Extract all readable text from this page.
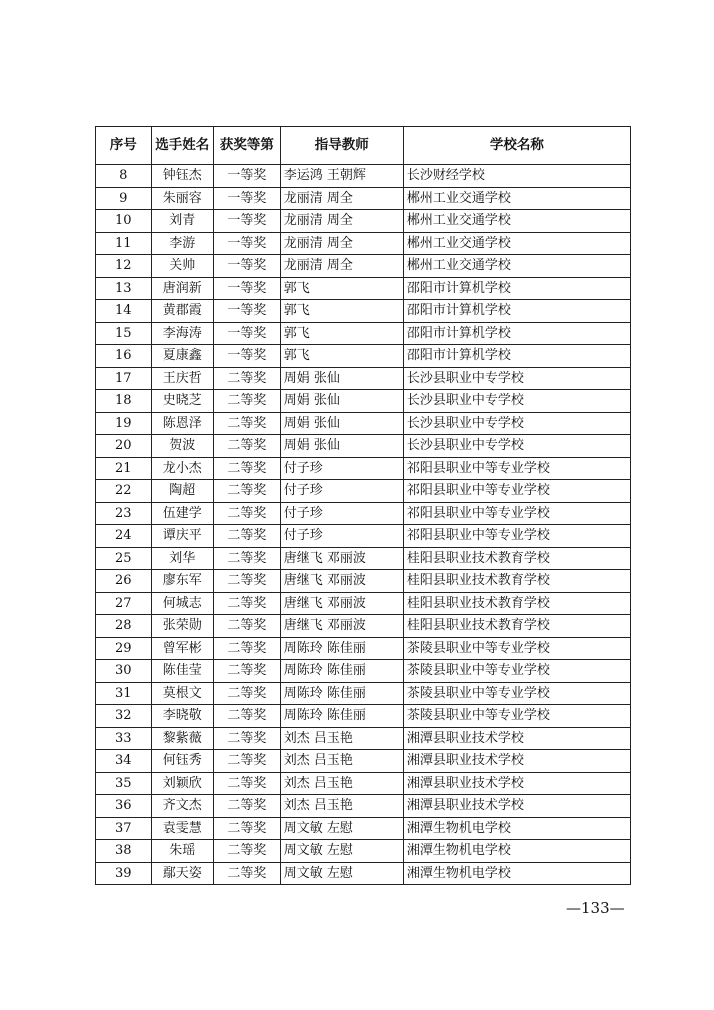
序号	选手姓名	获奖等第	指导教师	学校名称
8	钟钰杰	一等奖	李运鸿 王朝辉	长沙财经学校
9	朱丽容	一等奖	龙丽清 周全	郴州工业交通学校
10	刘青	一等奖	龙丽清 周全	郴州工业交通学校
11	李游	一等奖	龙丽清 周全	郴州工业交通学校
12	关帅	一等奖	龙丽清 周全	郴州工业交通学校
13	唐润新	一等奖	郭飞	邵阳市计算机学校
14	黄郡霞	一等奖	郭飞	邵阳市计算机学校
15	李海涛	一等奖	郭飞	邵阳市计算机学校
16	夏康鑫	一等奖	郭飞	邵阳市计算机学校
17	王庆哲	二等奖	周娟 张仙	长沙县职业中专学校
18	史晓芝	二等奖	周娟 张仙	长沙县职业中专学校
19	陈恩泽	二等奖	周娟 张仙	长沙县职业中专学校
20	贺波	二等奖	周娟 张仙	长沙县职业中专学校
21	龙小杰	二等奖	付子珍	祁阳县职业中等专业学校
22	陶超	二等奖	付子珍	祁阳县职业中等专业学校
23	伍建学	二等奖	付子珍	祁阳县职业中等专业学校
24	谭庆平	二等奖	付子珍	祁阳县职业中等专业学校
25	刘华	二等奖	唐继飞 邓丽波	桂阳县职业技术教育学校
26	廖东军	二等奖	唐继飞 邓丽波	桂阳县职业技术教育学校
27	何城志	二等奖	唐继飞 邓丽波	桂阳县职业技术教育学校
28	张荣勋	二等奖	唐继飞 邓丽波	桂阳县职业技术教育学校
29	曾军彬	二等奖	周陈玲 陈佳丽	茶陵县职业中等专业学校
30	陈佳莹	二等奖	周陈玲 陈佳丽	茶陵县职业中等专业学校
31	莫根文	二等奖	周陈玲 陈佳丽	茶陵县职业中等专业学校
32	李晓敬	二等奖	周陈玲 陈佳丽	茶陵县职业中等专业学校
33	黎紫薇	二等奖	刘杰 吕玉艳	湘潭县职业技术学校
34	何钰秀	二等奖	刘杰 吕玉艳	湘潭县职业技术学校
35	刘颖欣	二等奖	刘杰 吕玉艳	湘潭县职业技术学校
36	齐文杰	二等奖	刘杰 吕玉艳	湘潭县职业技术学校
37	袁雯慧	二等奖	周文敏 左慰	湘潭生物机电学校
38	朱瑶	二等奖	周文敏 左慰	湘潭生物机电学校
39	鄢天姿	二等奖	周文敏 左慰	湘潭生物机电学校
—133—
